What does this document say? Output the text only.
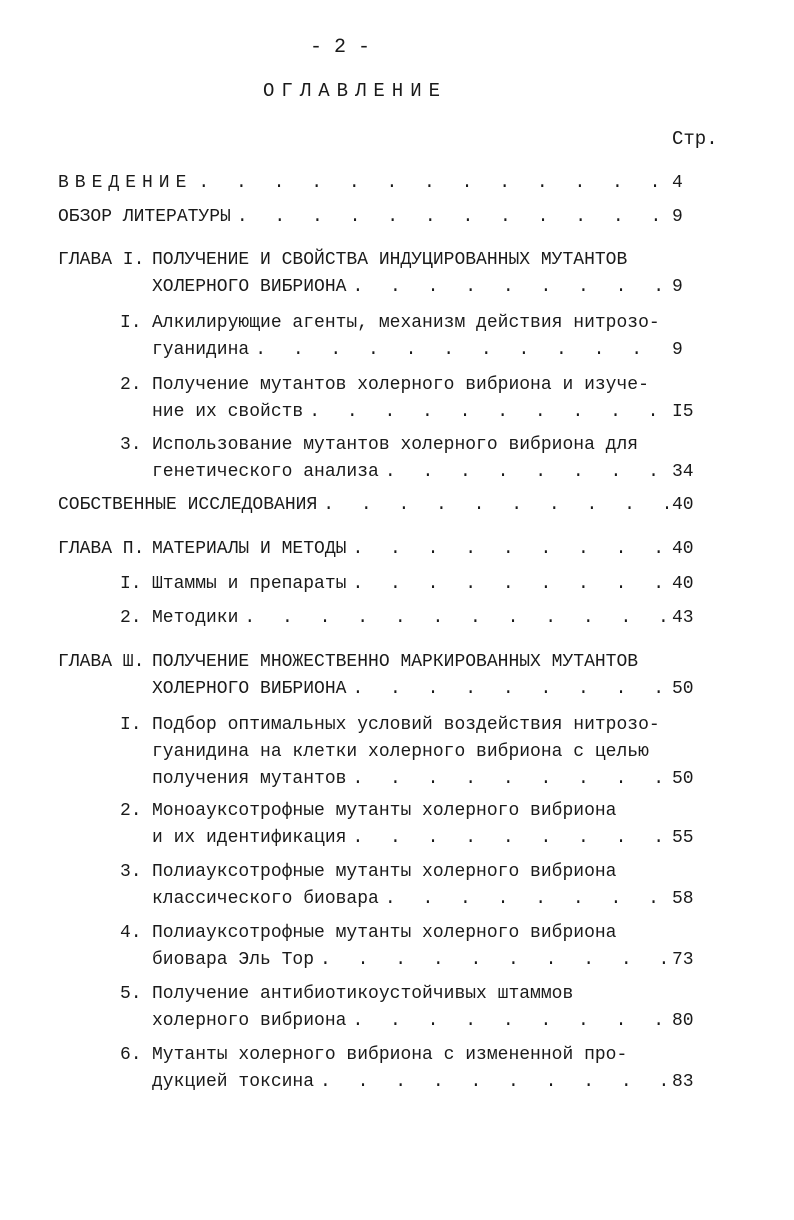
- 2 -
ОГЛАВЛЕНИЕ
Стр.
ВВЕДЕНИЕ . . .	4
ОБЗОР ЛИТЕРАТУРЫ . . .	9
ГЛАВА I. ПОЛУЧЕНИЕ И СВОЙСТВА ИНДУЦИРОВАННЫХ МУТАНТОВ
ХОЛЕРНОГО ВИБРИОНА . . .	9
I. Алкилирующие агенты, механизм действия нитрозо-
гуанидина . . .	9
2. Получение мутантов холерного вибриона и изуче-
ние их свойств . . .	I5
3. Использование мутантов холерного вибриона для
генетического анализа . . .	34
СОБСТВЕННЫЕ ИССЛЕДОВАНИЯ . . .	40
ГЛАВА П. МАТЕРИАЛЫ И МЕТОДЫ . . .	40
I. Штаммы и препараты . . .	40
2. Методики . . .	43
ГЛАВА Ш. ПОЛУЧЕНИЕ МНОЖЕСТВЕННО МАРКИРОВАННЫХ МУТАНТОВ
ХОЛЕРНОГО ВИБРИОНА . . .	50
I. Подбор оптимальных условий воздействия нитрозо-
гуанидина на клетки холерного вибриона с целью
получения мутантов . . .	50
2. Моноауксотрофные мутанты холерного вибриона
и их идентификация . . .	55
3. Полиауксотрофные мутанты холерного вибриона
классического биовара . . .	58
4. Полиауксотрофные мутанты холерного вибриона
биовара Эль Тор . . .	73
5. Получение антибиотикоустойчивых штаммов
холерного вибриона . . .	80
6. Мутанты холерного вибриона с измененной про-
дукцией токсина . . .	83
